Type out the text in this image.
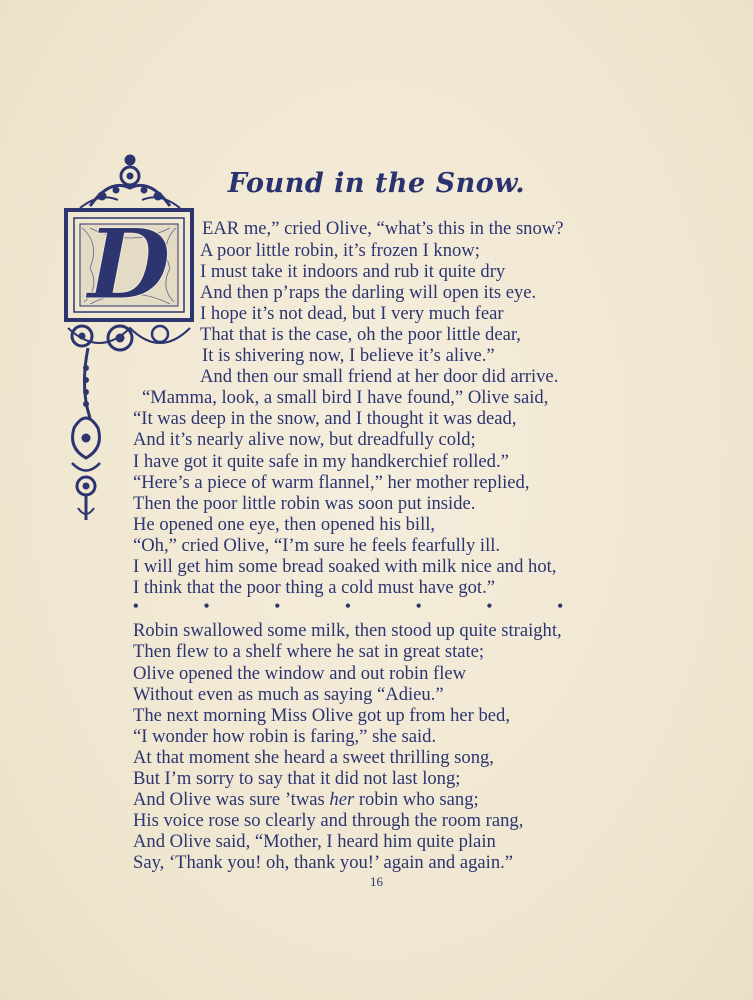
Found in the Snow.
D EAR me,” cried Olive, “what’s this in the snow?
A poor little robin, it’s frozen I know;
I must take it indoors and rub it quite dry
And then p’raps the darling will open its eye.
I hope it’s not dead, but I very much fear
That that is the case, oh the poor little dear,
It is shivering now, I believe it’s alive.”
And then our small friend at her door did arrive.
“Mamma, look, a small bird I have found,” Olive said,
“It was deep in the snow, and I thought it was dead,
And it’s nearly alive now, but dreadfully cold;
I have got it quite safe in my handkerchief rolled.”
“Here’s a piece of warm flannel,” her mother replied,
Then the poor little robin was soon put inside.
He opened one eye, then opened his bill,
“Oh,” cried Olive, “I’m sure he feels fearfully ill.
I will get him some bread soaked with milk nice and hot,
I think that the poor thing a cold must have got.”
•	•	•	•	•	•	•
Robin swallowed some milk, then stood up quite straight,
Then flew to a shelf where he sat in great state;
Olive opened the window and out robin flew
Without even as much as saying “Adieu.”
The next morning Miss Olive got up from her bed,
“I wonder how robin is faring,” she said.
At that moment she heard a sweet thrilling song,
But I’m sorry to say that it did not last long;
And Olive was sure ’twas her robin who sang;
His voice rose so clearly and through the room rang,
And Olive said, “Mother, I heard him quite plain
Say, ‘Thank you! oh, thank you!’ again and again.”
16
